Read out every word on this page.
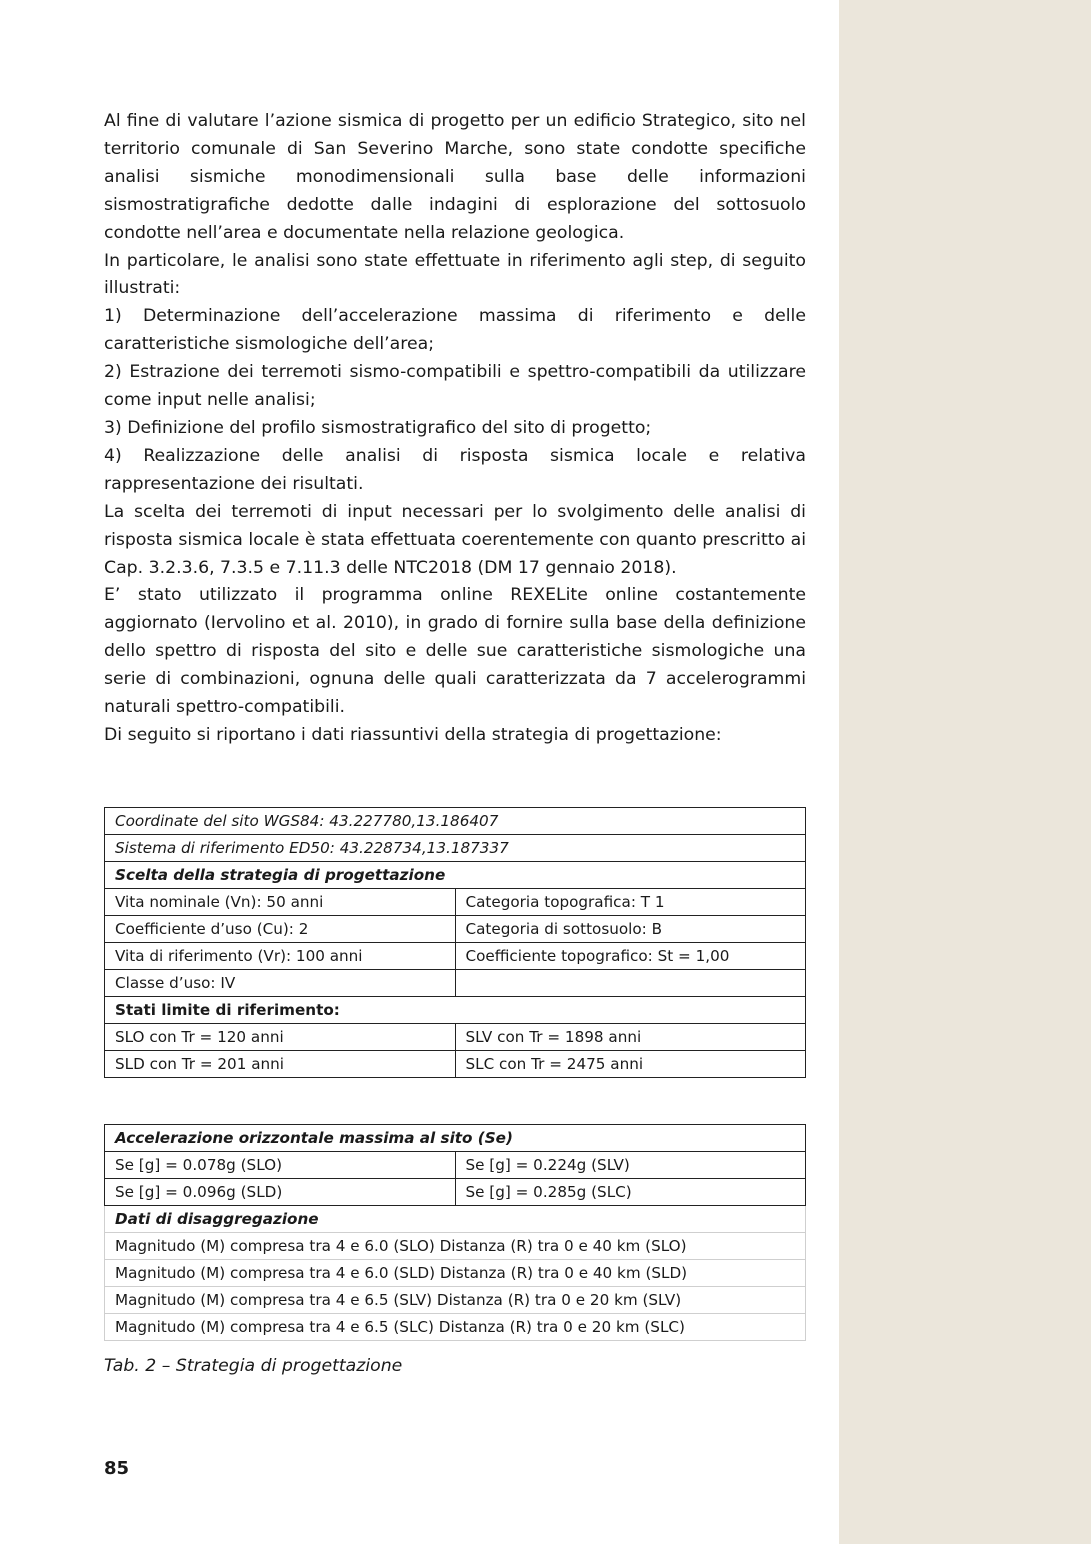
Al fine di valutare l’azione sismica di progetto per un edificio Strategico, sito nel territorio comunale di San Severino Marche, sono state condotte specifiche analisi sismiche monodimensionali sulla base delle informazioni sismostratigrafiche dedotte dalle indagini di esplorazione del sottosuolo condotte nell’area e documentate nella relazione geologica.

In particolare, le analisi sono state effettuate in riferimento agli step, di seguito illustrati:

1) Determinazione dell’accelerazione massima di riferimento e delle caratteristiche sismologiche dell’area;

2) Estrazione dei terremoti sismo-compatibili e spettro-compatibili da utilizzare come input nelle analisi;

3) Definizione del profilo sismostratigrafico del sito di progetto;

4) Realizzazione delle analisi di risposta sismica locale e relativa rappresentazione dei risultati.

La scelta dei terremoti di input necessari per lo svolgimento delle analisi di risposta sismica locale è stata effettuata coerentemente con quanto prescritto ai Cap. 3.2.3.6, 7.3.5 e 7.11.3 delle NTC2018 (DM 17 gennaio 2018).

E’ stato utilizzato il programma online REXELite online costantemente aggiornato (Iervolino et al. 2010), in grado di fornire sulla base della definizione dello spettro di risposta del sito e delle sue caratteristiche sismologiche una serie di combinazioni, ognuna delle quali caratterizzata da 7 accelerogrammi naturali spettro-compatibili.

Di seguito si riportano i dati riassuntivi della strategia di progettazione:

Coordinate del sito WGS84: 43.227780,13.186407	
Sistema di riferimento ED50: 43.228734,13.187337	
Scelta della strategia di progettazione	
Vita nominale (Vn): 50 anni	Categoria topografica: T 1
Coefficiente d’uso (Cu): 2	Categoria di sottosuolo: B
Vita di riferimento (Vr): 100 anni	Coefficiente topografico: St = 1,00
Classe d’uso: IV	
Stati limite di riferimento:	
SLO con Tr = 120 anni	SLV con Tr = 1898 anni
SLD con Tr = 201 anni	SLC con Tr = 2475 anni
Accelerazione orizzontale massima al sito (Se)	
Se [g] = 0.078g (SLO)	Se [g] = 0.224g (SLV)
Se [g] = 0.096g (SLD)	Se [g] = 0.285g (SLC)
Dati di disaggregazione	
Magnitudo (M) compresa tra 4 e 6.0 (SLO) Distanza (R) tra 0 e 40 km (SLO)	
Magnitudo (M) compresa tra 4 e 6.0 (SLD) Distanza (R) tra 0 e 40 km (SLD)	
Magnitudo (M) compresa tra 4 e 6.5 (SLV) Distanza (R) tra 0 e 20 km (SLV)	
Magnitudo (M) compresa tra 4 e 6.5 (SLC) Distanza (R) tra 0 e 20 km (SLC)	

Tab. 2 – Strategia di progettazione

85
